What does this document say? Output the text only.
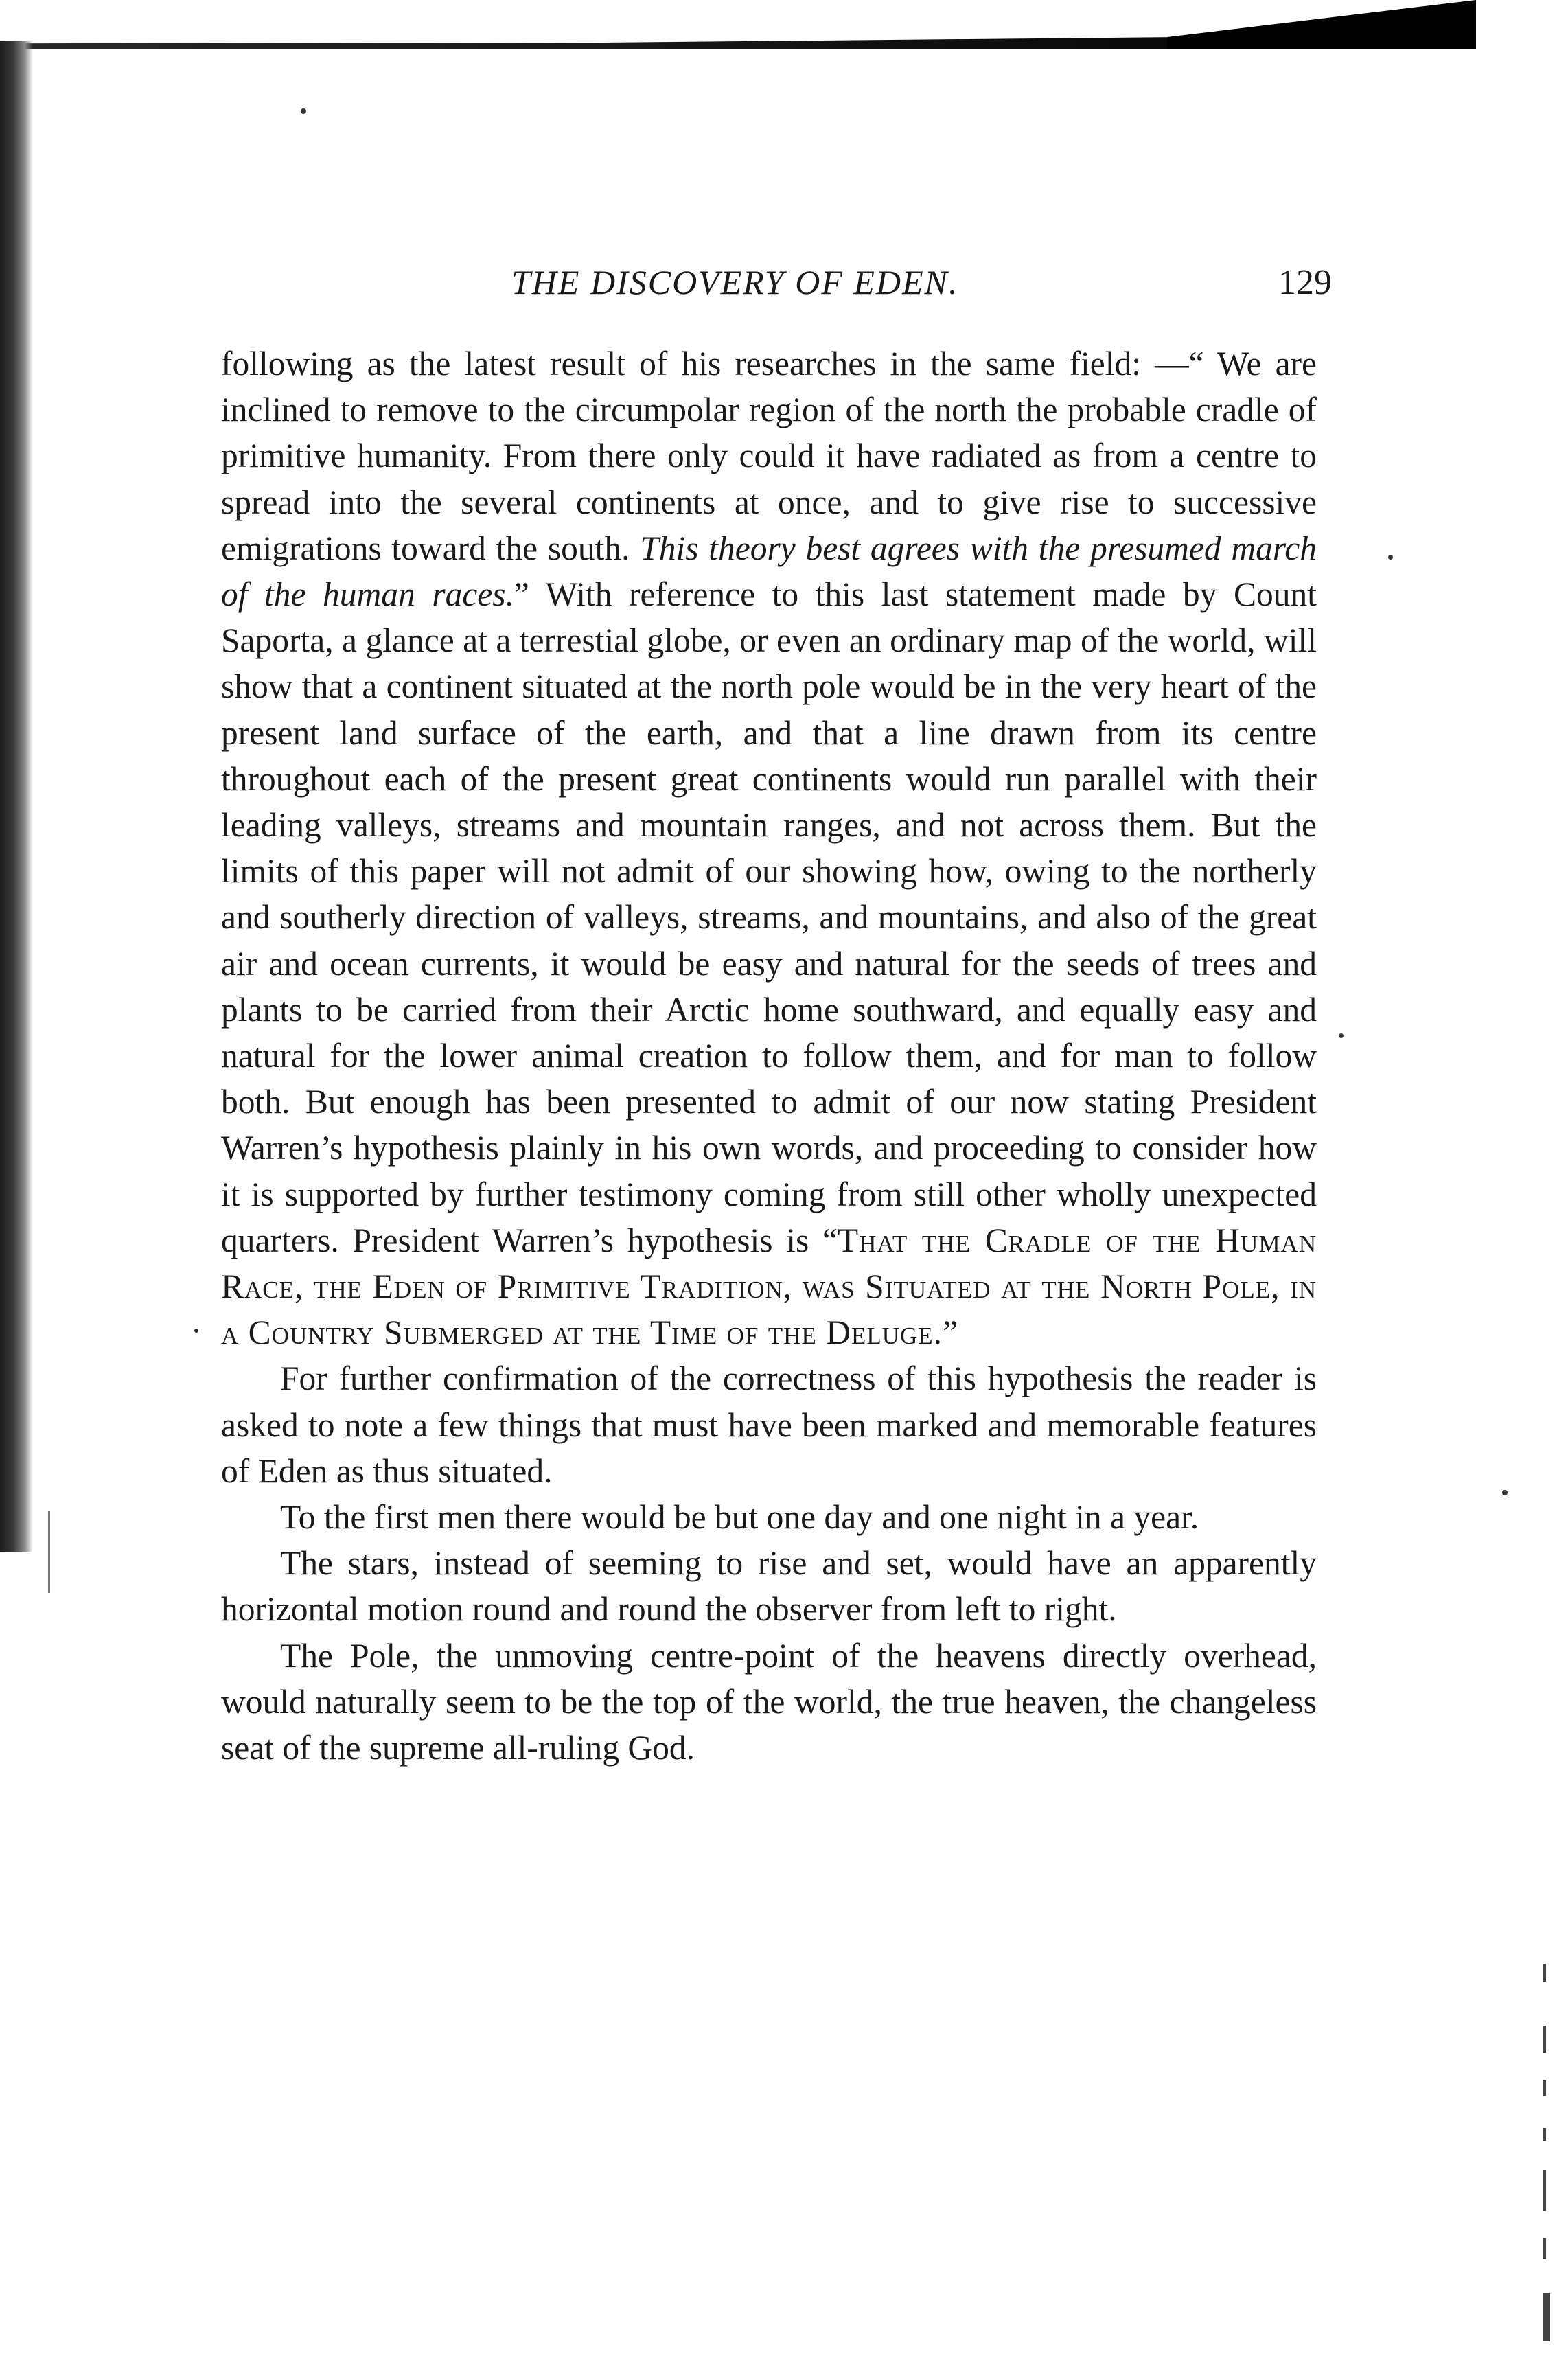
THE DISCOVERY OF EDEN.	129

following as the latest result of his researches in the same field: —“ We are inclined to remove to the circumpolar region of the north the probable cradle of primitive humanity. From there only could it have radiated as from a centre to spread into the several continents at once, and to give rise to successive emigrations toward the south. This theory best agrees with the presumed march of the human races.” With reference to this last statement made by Count Saporta, a glance at a terrestial globe, or even an ordinary map of the world, will show that a continent situated at the north pole would be in the very heart of the present land surface of the earth, and that a line drawn from its centre throughout each of the present great continents would run parallel with their leading valleys, streams and mountain ranges, and not across them. But the limits of this paper will not admit of our showing how, owing to the northerly and southerly direction of valleys, streams, and mountains, and also of the great air and ocean currents, it would be easy and natural for the seeds of trees and plants to be carried from their Arctic home southward, and equally easy and natural for the lower animal creation to follow them, and for man to follow both. But enough has been presented to admit of our now stating President Warren’s hypothesis plainly in his own words, and proceeding to consider how it is supported by further testimony coming from still other wholly unexpected quarters. President Warren’s hypothesis is “That the Cradle of the Human Race, the Eden of Primitive Tradition, was Situated at the North Pole, in a Country Submerged at the Time of the Deluge.”

For further confirmation of the correctness of this hypothesis the reader is asked to note a few things that must have been marked and memorable features of Eden as thus situated.

To the first men there would be but one day and one night in a year.

The stars, instead of seeming to rise and set, would have an apparently horizontal motion round and round the observer from left to right.

The Pole, the unmoving centre-point of the heavens directly overhead, would naturally seem to be the top of the world, the true heaven, the changeless seat of the supreme all-ruling God.
